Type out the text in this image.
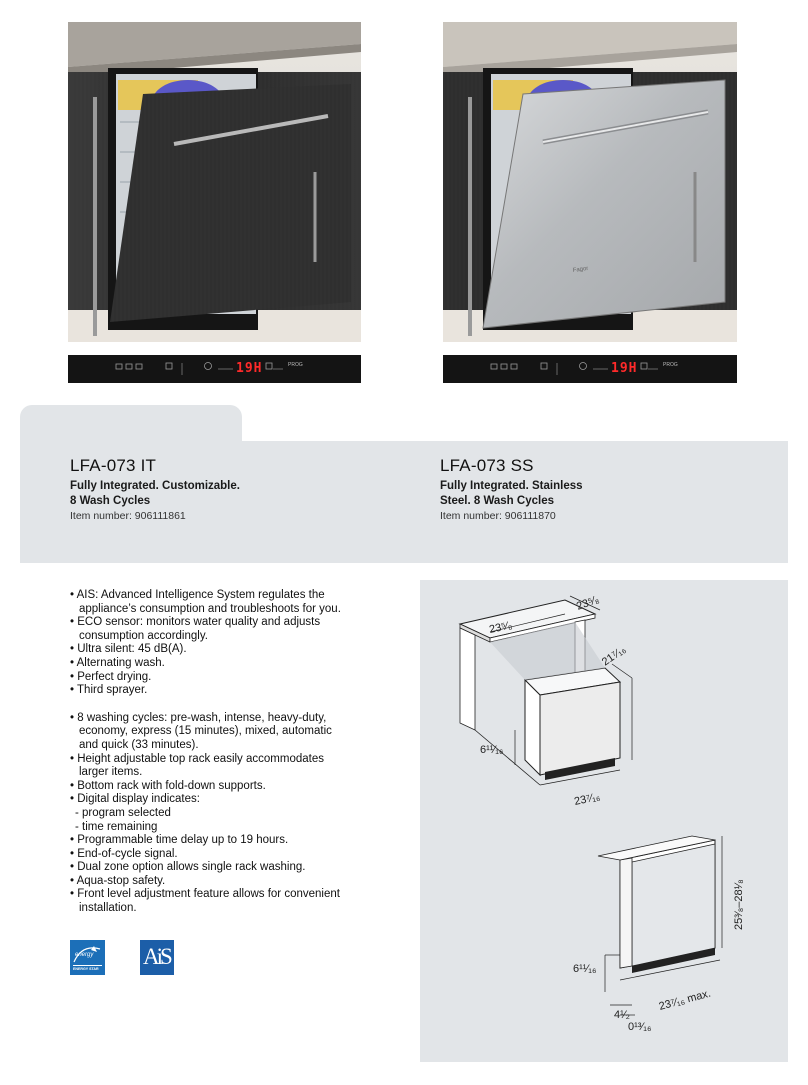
Fagor
19H	PROG	19H	PROG
LFA-073 IT
Fully Integrated. Customizable. 8 Wash Cycles
Item number: 906111861
LFA-073 SS
Fully Integrated. Stainless Steel. 8 Wash Cycles
Item number: 906111870
• AIS: Advanced Intelligence System regulates the appliance’s consumption and troubleshoots for you.
• ECO sensor: monitors water quality and adjusts consumption accordingly.
• Ultra silent: 45 dB(A).
• Alternating wash.
• Perfect drying.
• Third sprayer.
• 8 washing cycles: pre-wash, intense, heavy-duty, economy, express (15 minutes), mixed, automatic and quick (33 minutes).
• Height adjustable top rack easily accommodates larger items.
• Bottom rack with fold-down supports.
• Digital display indicates:
- program selected
- time remaining
• Programmable time delay up to 19 hours.
• End-of-cycle signal.
• Dual zone option allows single rack washing.
• Aqua-stop safety.
• Front level adjustment feature allows for convenient installation.
energy
ENERGY STAR AiS
23⁵⁄₈
23⁵⁄₈
21⁷⁄₁₆
6¹¹⁄₁₆
23⁷⁄₁₆
25³⁄₈–28¹⁄₈
6¹¹⁄₁₆
23⁷⁄₁₆ max.
4¹⁄₂
0¹³⁄₁₆
